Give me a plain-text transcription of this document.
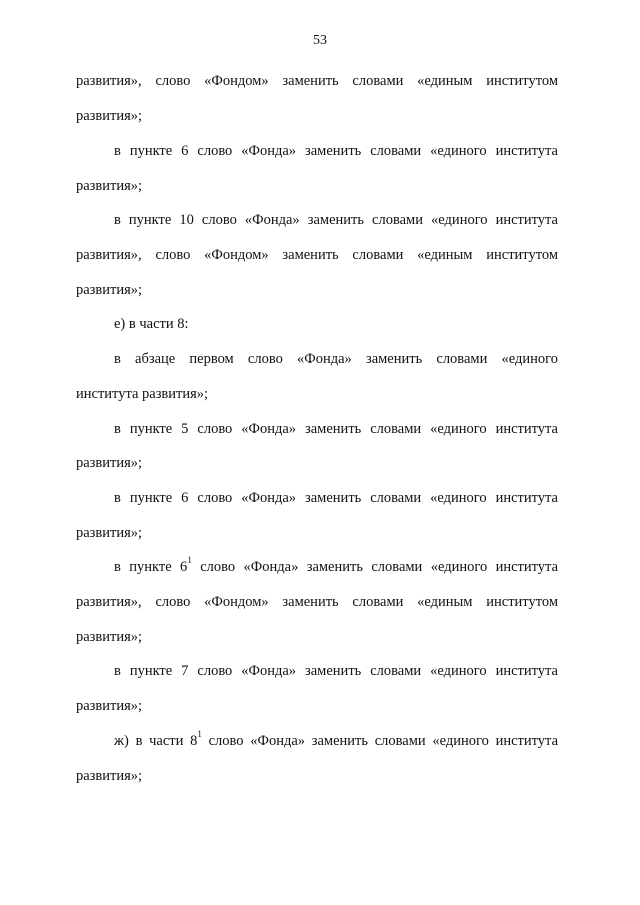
53
развития», слово «Фондом» заменить словами «единым институтом
развития»;
в пункте 6 слово «Фонда» заменить словами «единого института
развития»;
в пункте 10 слово «Фонда» заменить словами «единого института
развития», слово «Фондом» заменить словами «единым институтом
развития»;
е) в части 8:
в абзаце первом слово «Фонда» заменить словами «единого
института развития»;
в пункте 5 слово «Фонда» заменить словами «единого института
развития»;
в пункте 6 слово «Фонда» заменить словами «единого института
развития»;
в пункте $6^1$ слово «Фонда» заменить словами «единого института
развития», слово «Фондом» заменить словами «единым институтом
развития»;
в пункте 7 слово «Фонда» заменить словами «единого института
развития»;
ж) в части $8^1$ слово «Фонда» заменить словами «единого института
развития»;
